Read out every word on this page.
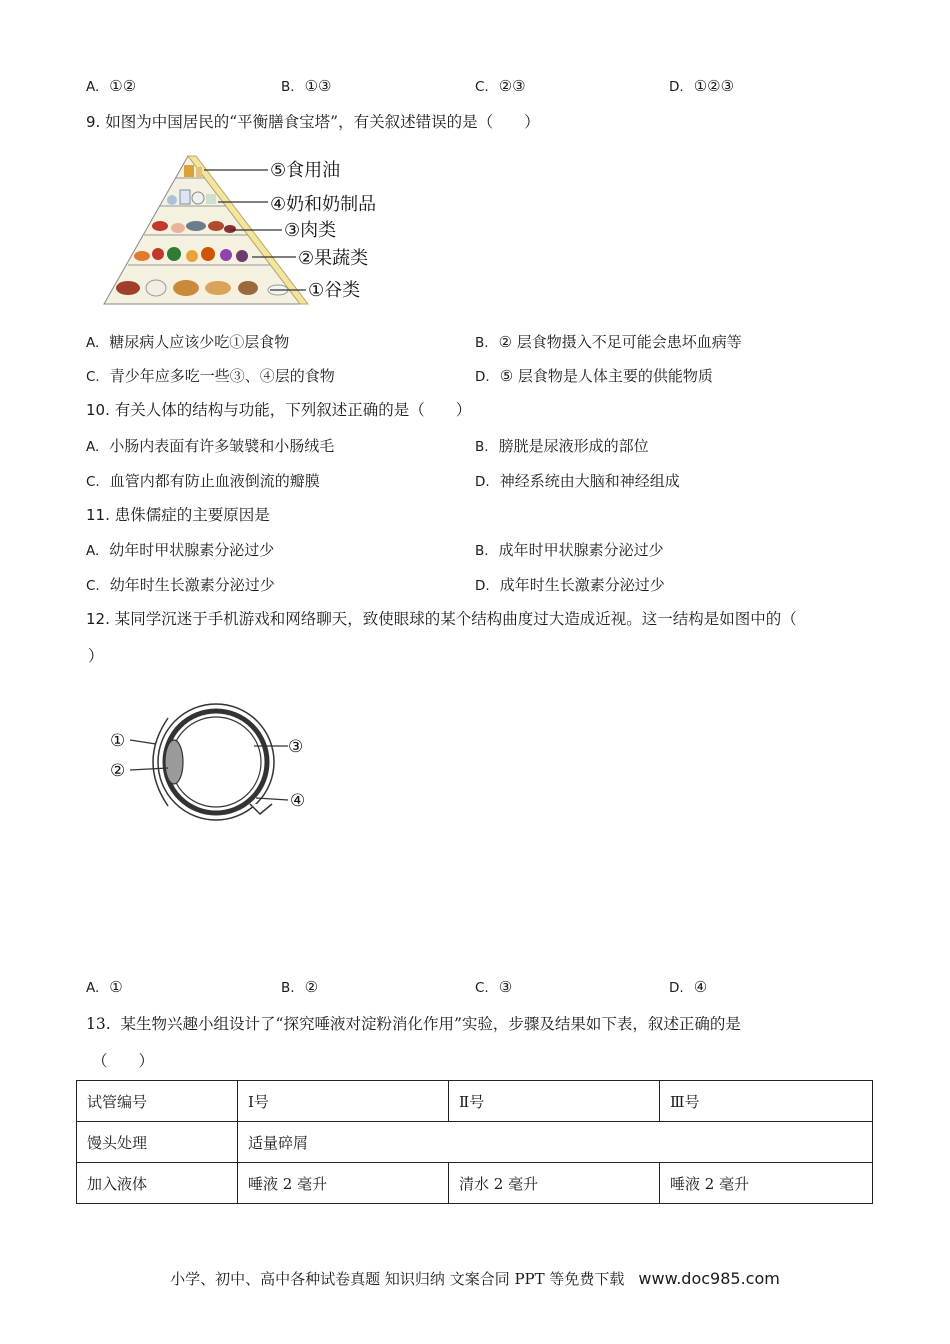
A. ①②	B. ①③	C. ②③	D. ①②③
9. 如图为中国居民的“平衡膳食宝塔”，有关叙述错误的是（　　）
⑤食用油
④奶和奶制品
③肉类
②果蔬类
①谷类
A. 糖尿病人应该少吃①层食物	B. ② 层食物摄入不足可能会患坏血病等
C. 青少年应多吃一些③、④层的食物	D. ⑤ 层食物是人体主要的供能物质
10. 有关人体的结构与功能，下列叙述正确的是（　　）
A. 小肠内表面有许多皱襞和小肠绒毛	B. 膀胱是尿液形成的部位
C. 血管内都有防止血液倒流的瓣膜	D. 神经系统由大脑和神经组成
11. 患侏儒症的主要原因是
A. 幼年时甲状腺素分泌过少	B. 成年时甲状腺素分泌过少
C. 幼年时生长激素分泌过少	D. 成年时生长激素分泌过少
12. 某同学沉迷于手机游戏和网络聊天，致使眼球的某个结构曲度过大造成近视。这一结构是如图中的（
）
①
②
③
④
A. ①	B. ②	C. ③	D. ④
13. 某生物兴趣小组设计了“探究唾液对淀粉消化作用”实验，步骤及结果如下表，叙述正确的是
（　　）
试管编号	Ⅰ号	Ⅱ号	Ⅲ号
馒头处理	适量碎屑		
加入液体	唾液 2 毫升	清水 2 毫升	唾液 2 毫升
小学、初中、高中各种试卷真题 知识归纳 文案合同 PPT 等免费下载 www.doc985.com
